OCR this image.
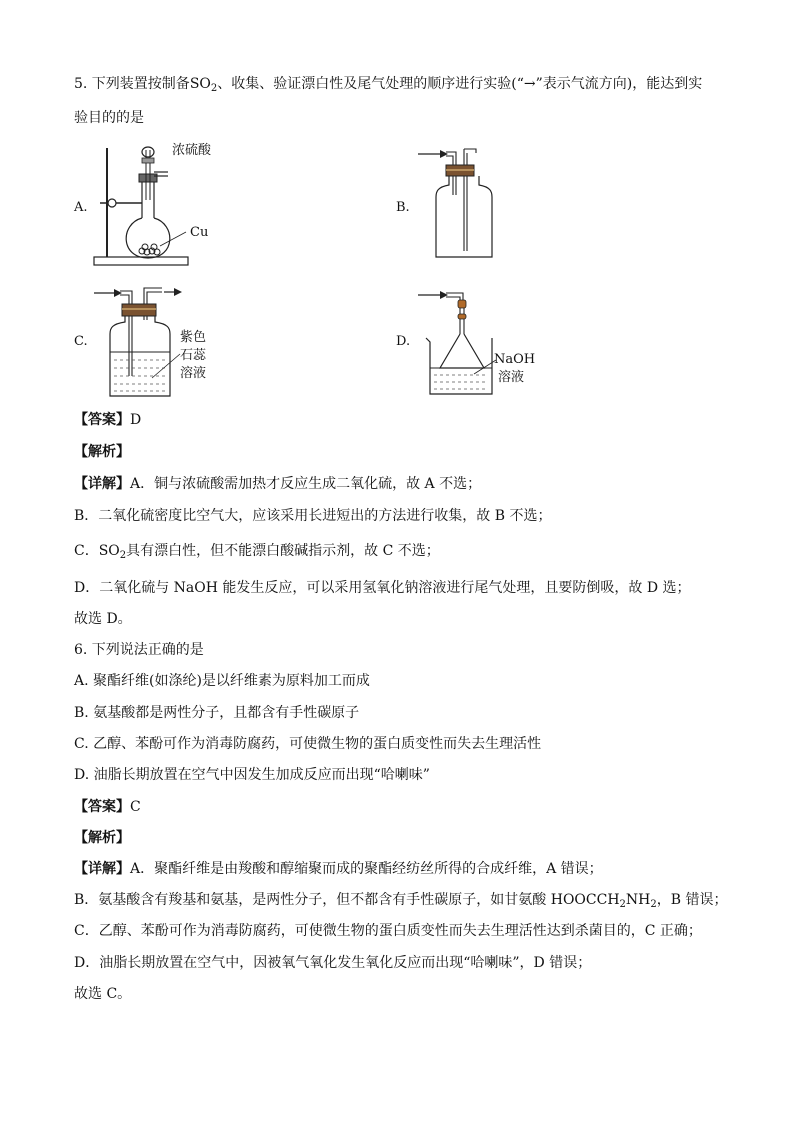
5. 下列装置按制备$SO_2$、收集、验证漂白性及尾气处理的顺序进行实验(“→”表示气流方向)，能达到实
验目的的是
A.
浓硫酸
Cu
B.
C.	紫色
石蕊
溶液
D.
NaOH
溶液
【答案】D
【解析】
【详解】A．铜与浓硫酸需加热才反应生成二氧化硫，故 A 不选；
B．二氧化硫密度比空气大，应该采用长进短出的方法进行收集，故 B 不选；
C．$SO_2$具有漂白性，但不能漂白酸碱指示剂，故 C 不选；
D．二氧化硫与 NaOH 能发生反应，可以采用氢氧化钠溶液进行尾气处理，且要防倒吸，故 D 选；
故选 D。
6. 下列说法正确的是
A. 聚酯纤维(如涤纶)是以纤维素为原料加工而成
B. 氨基酸都是两性分子，且都含有手性碳原子
C. 乙醇、苯酚可作为消毒防腐药，可使微生物的蛋白质变性而失去生理活性
D. 油脂长期放置在空气中因发生加成反应而出现“哈喇味”
【答案】C
【解析】
【详解】A．聚酯纤维是由羧酸和醇缩聚而成的聚酯经纺丝所得的合成纤维，A 错误；
B．氨基酸含有羧基和氨基，是两性分子，但不都含有手性碳原子，如甘氨酸 $HOOCCH_2NH_2$，B 错误；
C．乙醇、苯酚可作为消毒防腐药，可使微生物的蛋白质变性而失去生理活性达到杀菌目的，C 正确；
D．油脂长期放置在空气中，因被氧气氧化发生氧化反应而出现“哈喇味”，D 错误；
故选 C。
